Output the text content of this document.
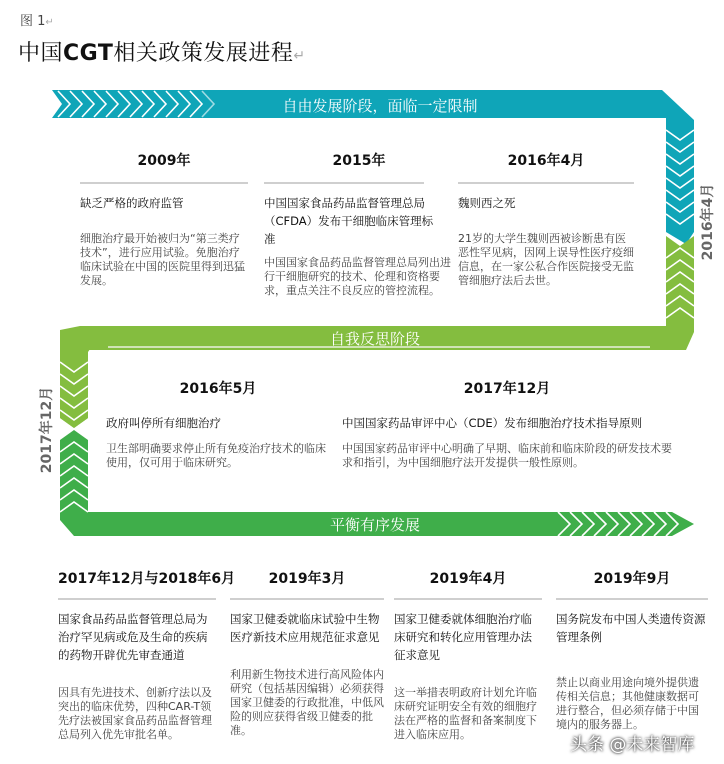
图 1↵
中国CGT相关政策发展进程↵
自由发展阶段，面临一定限制
自我反思阶段
平衡有序发展
2016年4月
2017年12月
2009年
缺乏严格的政府监管
细胞治疗最开始被归为“第三类疗技术”，进行应用试验。免胞治疗临床试验在中国的医院里得到迅猛发展。
2015年
中国国家食品药品监督管理总局（CFDA）发布干细胞临床管理标准
中国国家食品药品监督管理总局列出进行干细胞研究的技术、伦理和资格要求，重点关注不良反应的管控流程。
2016年4月
魏则西之死
21岁的大学生魏则西被诊断患有医恶性罕见病，因网上误导性医疗疫细信息，在一家公私合作医院接受无监管细胞疗法后去世。
2016年5月
政府叫停所有细胞治疗
卫生部明确要求停止所有免疫治疗技术的临床使用，仅可用于临床研究。
2017年12月
中国国家药品审评中心（CDE）发布细胞治疗技术指导原则
中国国家药品审评中心明确了早期、临床前和临床阶段的研发技术要求和指引，为中国细胞疗法开发提供一般性原则。
2017年12月与2018年6月
国家食品药品监督管理总局为治疗罕见病或危及生命的疾病的药物开辟优先审查通道
因具有先进技术、创新疗法以及突出的临床优势，四种CAR-T领先疗法被国家食品药品监督管理总局列入优先审批名单。
2019年3月
国家卫健委就临床试验中生物医疗新技术应用规范征求意见
利用新生物技术进行高风险体内研究（包括基因编辑）必须获得国家卫健委的行政批准，中低风险的则应获得省级卫健委的批准。
2019年4月
国家卫健委就体细胞治疗临床研究和转化应用管理办法征求意见
这一举措表明政府计划允许临床研究证明安全有效的细胞疗法在严格的监督和备案制度下进入临床应用。
2019年9月
国务院发布中国人类遗传资源管理条例
禁止以商业用途向境外提供遗传相关信息；其他健康数据可进行整合，但必须存储于中国境内的服务器上。
头条 @未来智库
